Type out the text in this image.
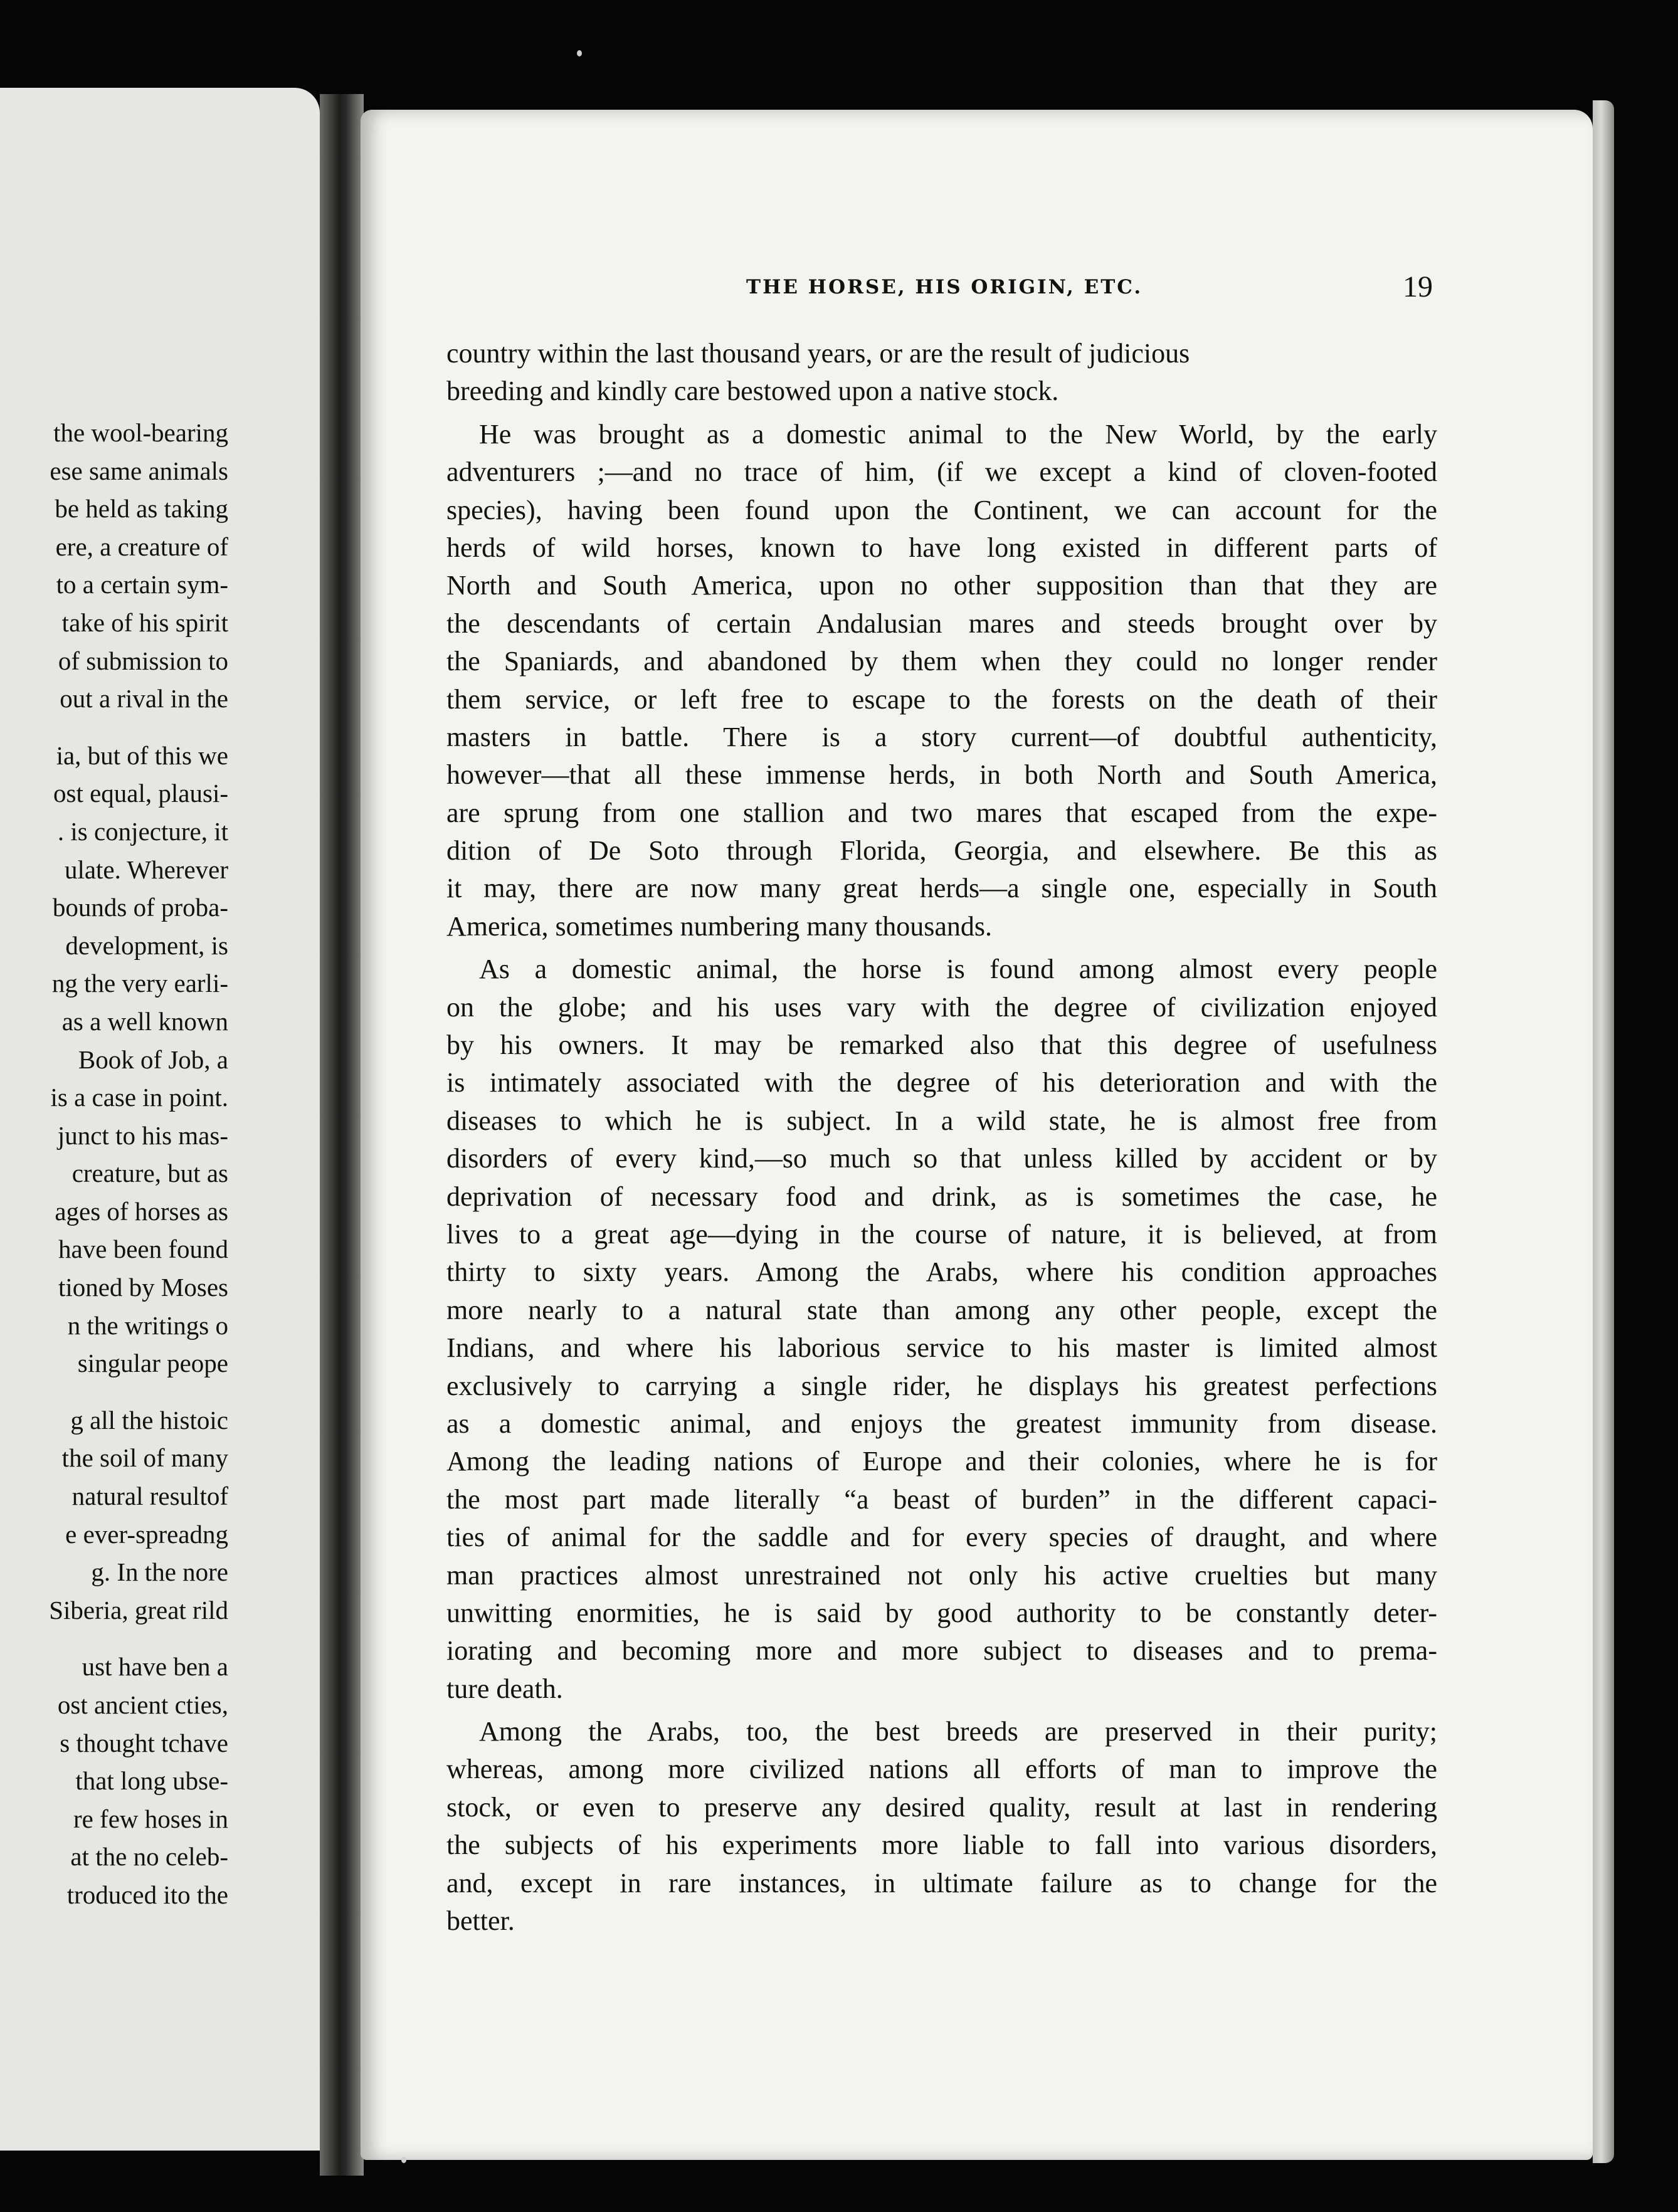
the wool-bearing
ese same animals
be held as taking
ere, a creature of
to a certain sym-
take of his spirit
of submission to
out a rival in the
ia, but of this we
ost equal, plausi-
. is conjecture, it
ulate. Wherever
bounds of proba-
development, is
ng the very earli-
as a well known
Book of Job, a
is a case in point.
junct to his mas-
creature, but as
ages of horses as
have been found
tioned by Moses
n the writings o
singular peope
g all the histoic
the soil of many
natural resultof
e ever-spreadng
g. In the nore
Siberia, great rild
ust have ben a
ost ancient cties,
s thought tchave
that long ubse-
re few hoses in
at the no celeb-
troduced ito the
THE HORSE, HIS ORIGIN, ETC.	19
country within the last thousand years, or are the result of judicious
breeding and kindly care bestowed upon a native stock.
He was brought as a domestic animal to the New World, by the early
adventurers ;—and no trace of him, (if we except a kind of cloven-footed
species), having been found upon the Continent, we can account for the
herds of wild horses, known to have long existed in different parts of
North and South America, upon no other supposition than that they are
the descendants of certain Andalusian mares and steeds brought over by
the Spaniards, and abandoned by them when they could no longer render
them service, or left free to escape to the forests on the death of their
masters in battle. There is a story current—of doubtful authenticity,
however—that all these immense herds, in both North and South America,
are sprung from one stallion and two mares that escaped from the expe-
dition of De Soto through Florida, Georgia, and elsewhere. Be this as
it may, there are now many great herds—a single one, especially in South
America, sometimes numbering many thousands.
As a domestic animal, the horse is found among almost every people
on the globe; and his uses vary with the degree of civilization enjoyed
by his owners. It may be remarked also that this degree of usefulness
is intimately associated with the degree of his deterioration and with the
diseases to which he is subject. In a wild state, he is almost free from
disorders of every kind,—so much so that unless killed by accident or by
deprivation of necessary food and drink, as is sometimes the case, he
lives to a great age—dying in the course of nature, it is believed, at from
thirty to sixty years. Among the Arabs, where his condition approaches
more nearly to a natural state than among any other people, except the
Indians, and where his laborious service to his master is limited almost
exclusively to carrying a single rider, he displays his greatest perfections
as a domestic animal, and enjoys the greatest immunity from disease.
Among the leading nations of Europe and their colonies, where he is for
the most part made literally “a beast of burden” in the different capaci-
ties of animal for the saddle and for every species of draught, and where
man practices almost unrestrained not only his active cruelties but many
unwitting enormities, he is said by good authority to be constantly deter-
iorating and becoming more and more subject to diseases and to prema-
ture death.
Among the Arabs, too, the best breeds are preserved in their purity;
whereas, among more civilized nations all efforts of man to improve the
stock, or even to preserve any desired quality, result at last in rendering
the subjects of his experiments more liable to fall into various disorders,
and, except in rare instances, in ultimate failure as to change for the
better.
